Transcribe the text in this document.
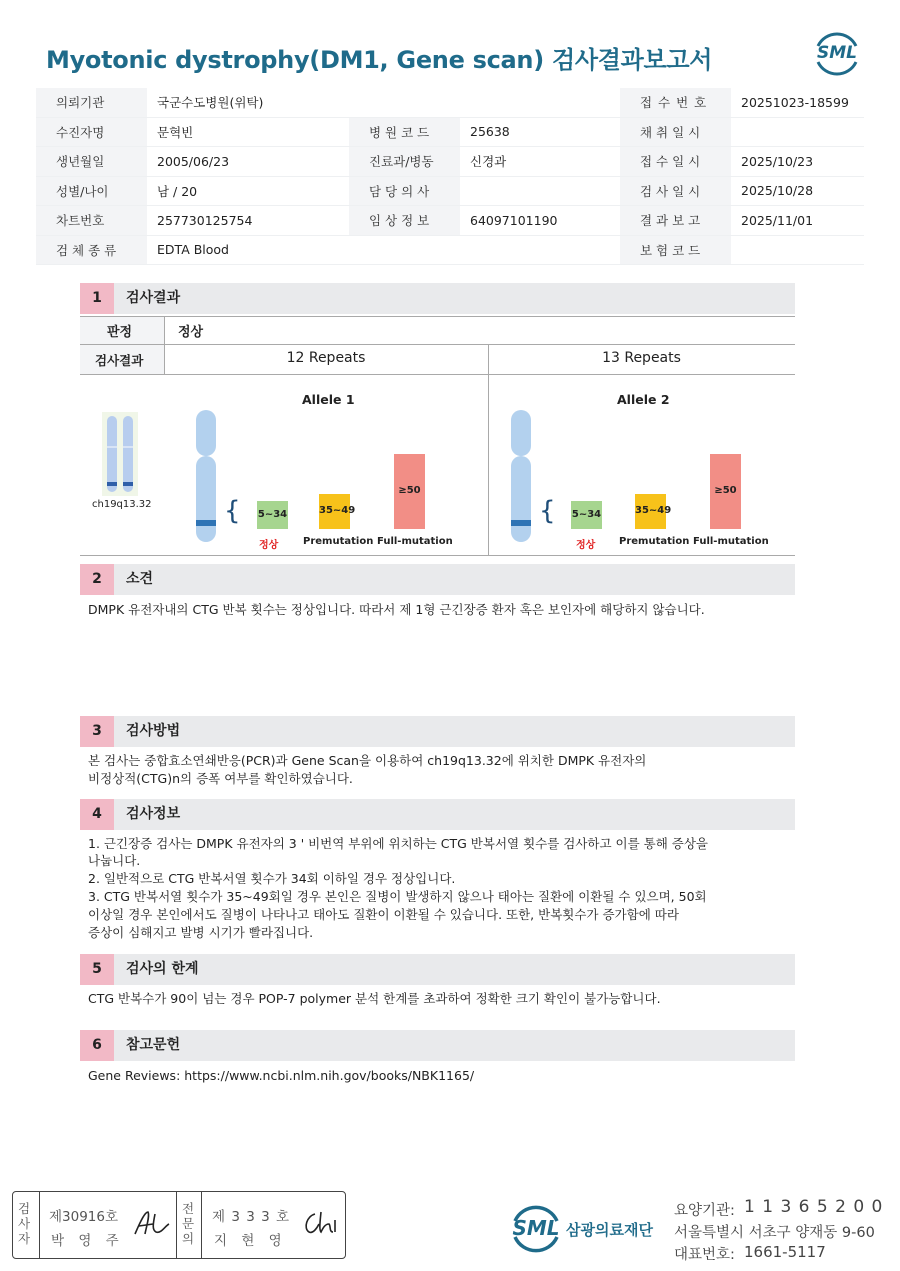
Myotonic dystrophy(DM1, Gene scan) 검사결과보고서	SML
의뢰기관	국군수도병원(위탁)			접 수 번 호	20251023-18599
수진자명	문혁빈	병 원 코 드	25638	채 취 일 시	
생년월일	2005/06/23	진료과/병동	신경과	접 수 일 시	2025/10/23
성별/나이	남 / 20	담 당 의 사		검 사 일 시	2025/10/28
차트번호	257730125754	임 상 정 보	64097101190	결 과 보 고	2025/11/01
검 체 종 류	EDTA Blood			보 험 코 드	
1	검사결과
판정	정상
검사결과	12 Repeats	13 Repeats
ch19q13.32
Allele 1
{ 5~34	35~49
≥50
정상 Premutation Full-mutation
Allele 2
{ 5~34	35~49
≥50
정상 Premutation Full-mutation
2	소견
DMPK 유전자내의 CTG 반복 횟수는 정상입니다. 따라서 제 1형 근긴장증 환자 혹은 보인자에 해당하지 않습니다.
3	검사방법
본 검사는 중합효소연쇄반응(PCR)과 Gene Scan을 이용하여 ch19q13.32에 위치한 DMPK 유전자의
비정상적(CTG)n의 증폭 여부를 확인하였습니다.
4	검사정보
1. 근긴장증 검사는 DMPK 유전자의 3 ' 비번역 부위에 위치하는 CTG 반복서열 횟수를 검사하고 이를 통해 증상을
나눕니다.
2. 일반적으로 CTG 반복서열 횟수가 34회 이하일 경우 정상입니다.
3. CTG 반복서열 횟수가 35~49회일 경우 본인은 질병이 발생하지 않으나 태아는 질환에 이환될 수 있으며, 50회
이상일 경우 본인에서도 질병이 나타나고 태아도 질환이 이환될 수 있습니다. 또한, 반복횟수가 증가함에 따라
증상이 심해지고 발병 시기가 빨라집니다.
5	검사의 한계
CTG 반복수가 90이 넘는 경우 POP-7 polymer 분석 한계를 초과하여 정확한 크기 확인이 불가능합니다.
6	참고문헌
Gene Reviews: https://www.ncbi.nlm.nih.gov/books/NBK1165/
검사자
제30916호
박 영 주
전문의
제 3 3 3 호
지 현 영
SML 삼광의료재단
요양기관: 1 1 3 6 5 2 0 0
서울특별시 서초구 양재동 9-60
대표번호: 1661-5117
